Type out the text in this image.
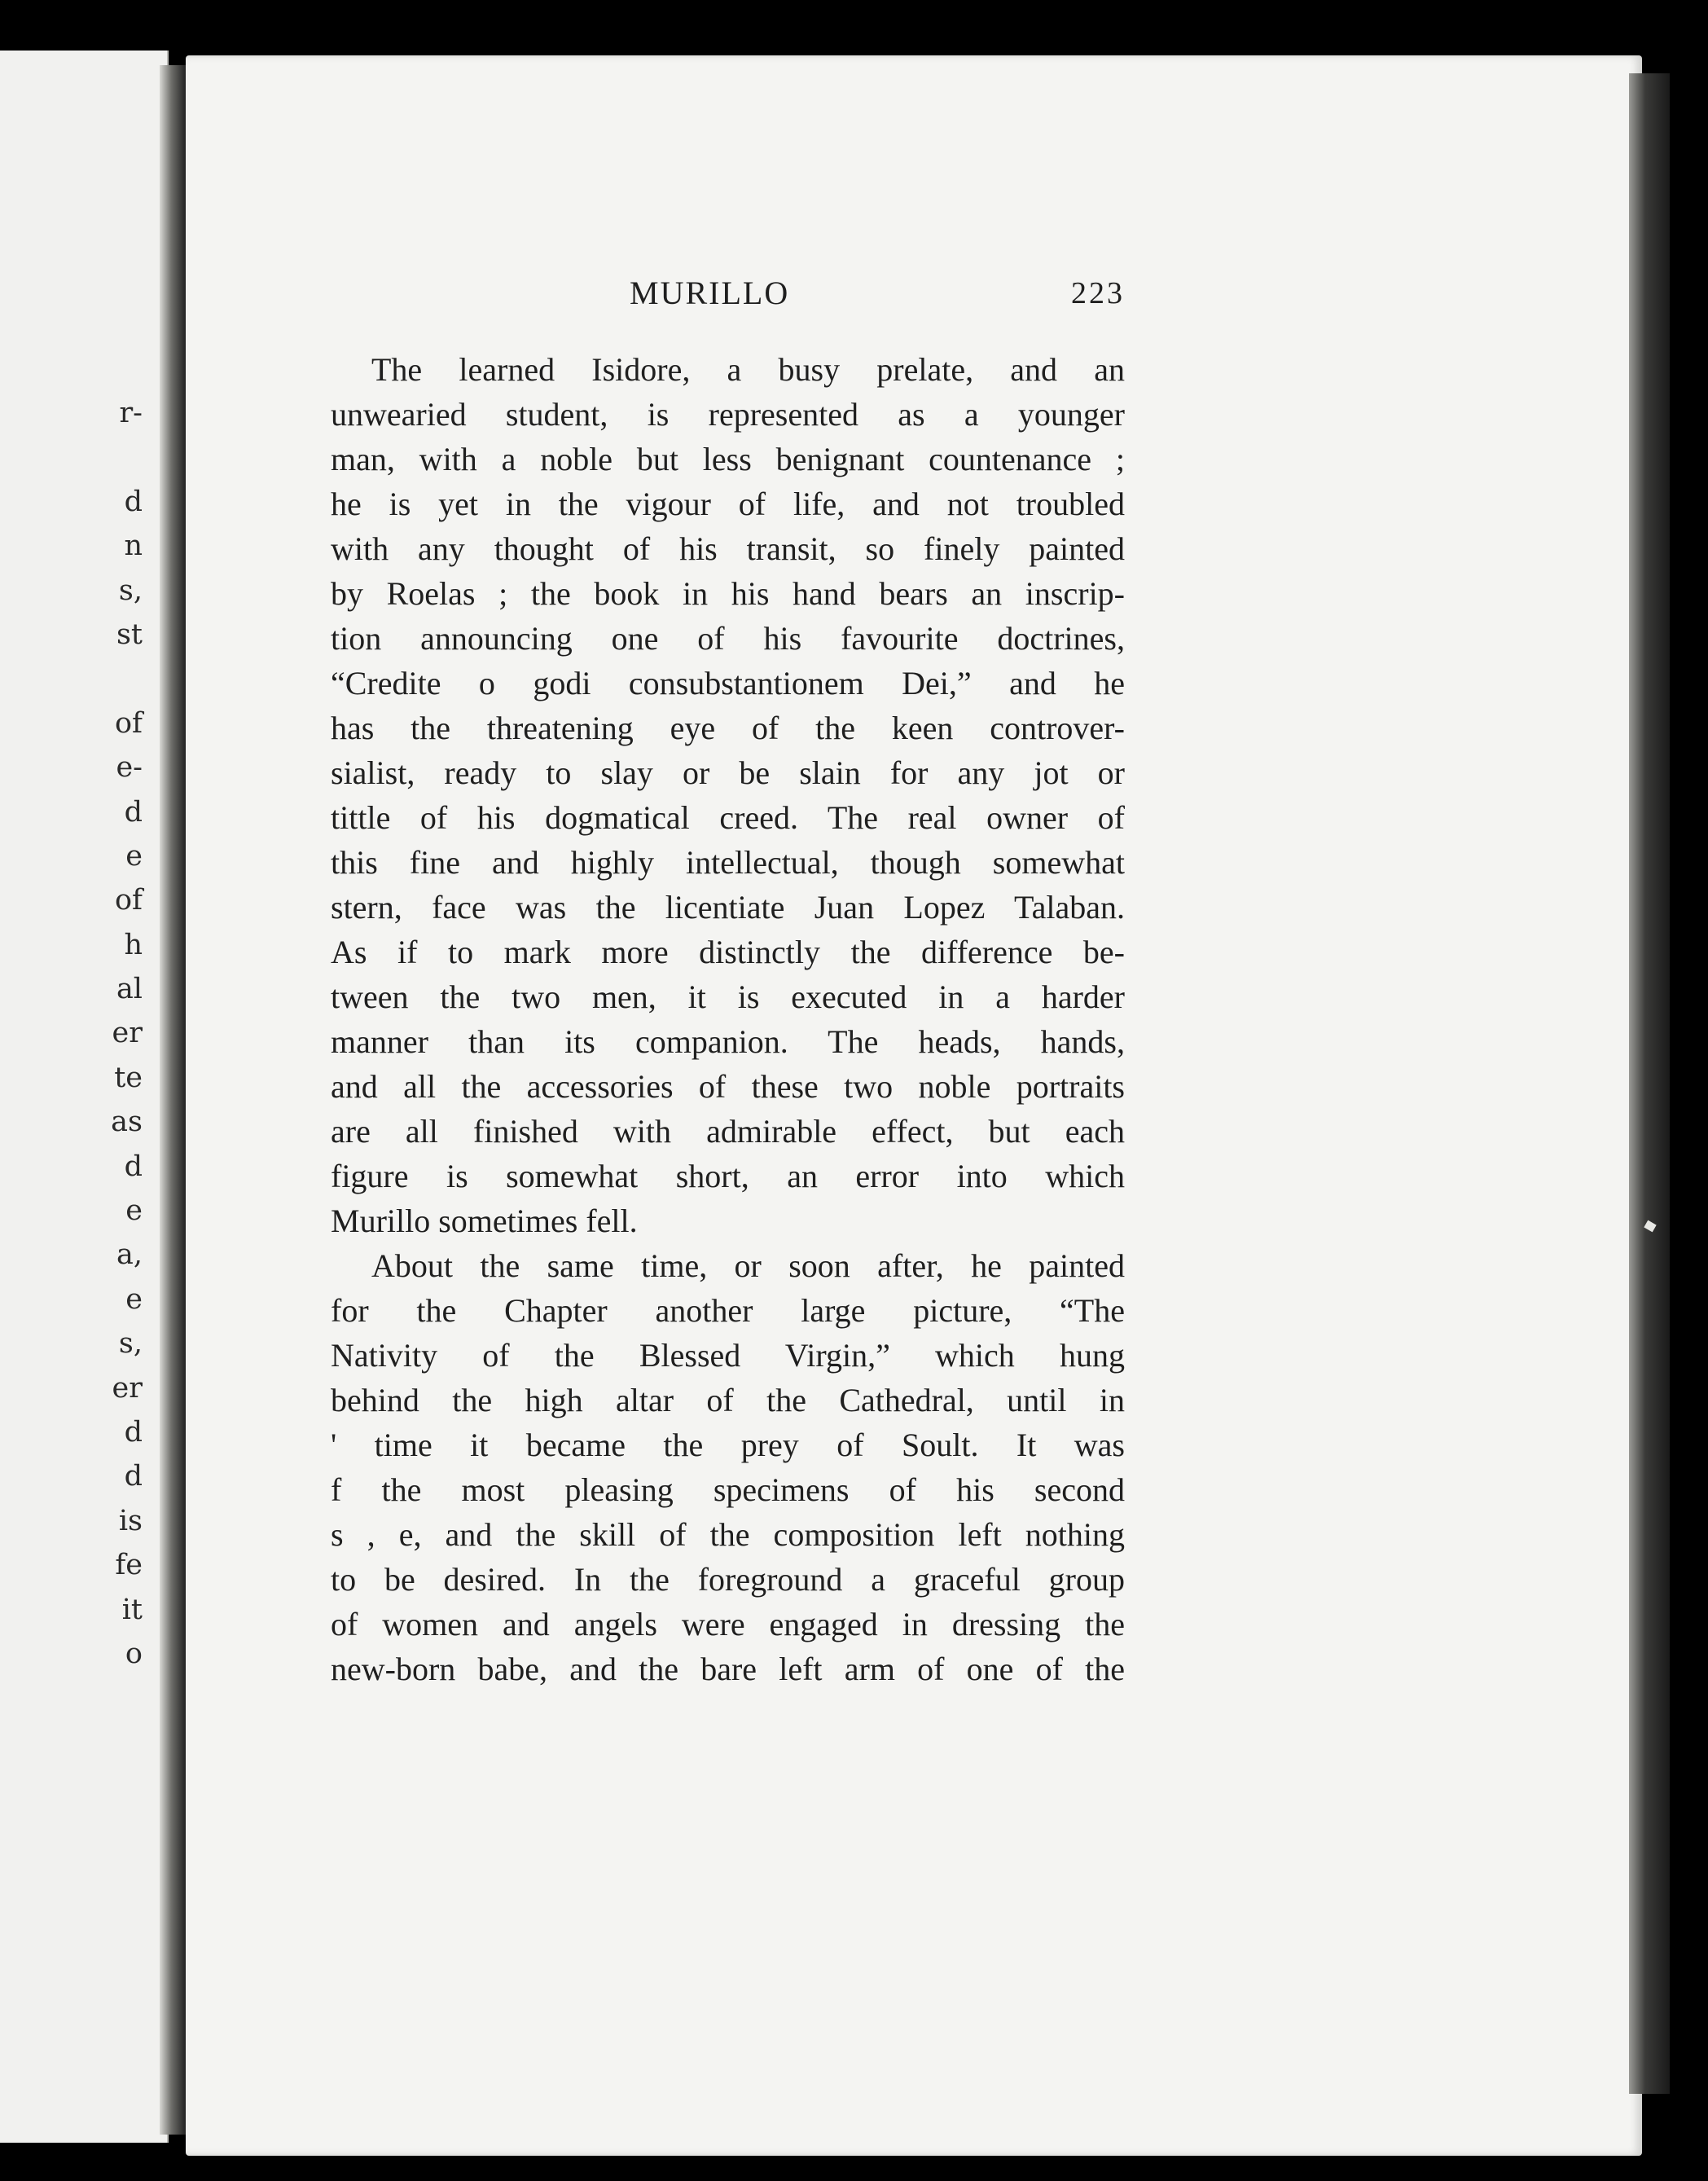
r-
d
n
s,
st
of
e-
d
e
of
h
al
er
te
as
d
e
a,
e
s,
er
d
d
is
fe
it
o
MURILLO	223
The learned Isidore, a busy prelate, and an
unwearied student, is represented as a younger
man, with a noble but less benignant countenance ;
he is yet in the vigour of life, and not troubled
with any thought of his transit, so finely painted
by Roelas ; the book in his hand bears an inscrip-
tion announcing one of his favourite doctrines,
“Credite o godi consubstantionem Dei,” and he
has the threatening eye of the keen controver-
sialist, ready to slay or be slain for any jot or
tittle of his dogmatical creed. The real owner of
this fine and highly intellectual, though somewhat
stern, face was the licentiate Juan Lopez Talaban.
As if to mark more distinctly the difference be-
tween the two men, it is executed in a harder
manner than its companion. The heads, hands,
and all the accessories of these two noble portraits
are all finished with admirable effect, but each
figure is somewhat short, an error into which
Murillo sometimes fell.
About the same time, or soon after, he painted
for the Chapter another large picture, “The
Nativity of the Blessed Virgin,” which hung
behind the high altar of the Cathedral, until in
' time it became the prey of Soult. It was
f the most pleasing specimens of his second
s , e, and the skill of the composition left nothing
to be desired. In the foreground a graceful group
of women and angels were engaged in dressing the
new-born babe, and the bare left arm of one of the
